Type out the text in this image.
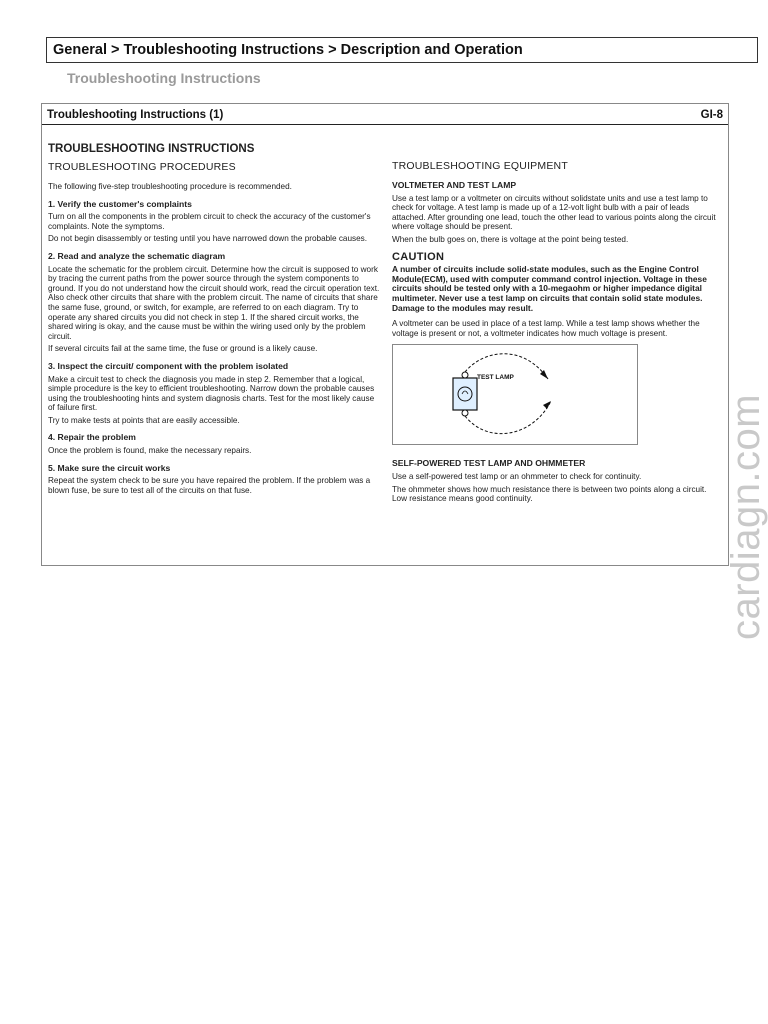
General > Troubleshooting Instructions > Description and Operation
Troubleshooting Instructions
Troubleshooting Instructions (1)	GI-8
TROUBLESHOOTING INSTRUCTIONS
TROUBLESHOOTING PROCEDURES
The following five-step troubleshooting procedure is recommended.
1. Verify the customer's complaints
Turn on all the components in the problem circuit to check the accuracy of the customer's complaints. Note the symptoms.
Do not begin disassembly or testing until you have narrowed down the probable causes.
2. Read and analyze the schematic diagram
Locate the schematic for the problem circuit. Determine how the circuit is supposed to work by tracing the current paths from the power source through the system components to ground. If you do not understand how the circuit should work, read the circuit operation text. Also check other circuits that share with the problem circuit. The name of circuits that share the same fuse, ground, or switch, for example, are referred to on each diagram. Try to operate any shared circuits you did not check in step 1. If the shared circuit works, the shared wiring is okay, and the cause must be within the wiring used only by the problem circuit.
If several circuits fail at the same time, the fuse or ground is a likely cause.
3. Inspect the circuit/ component with the problem isolated
Make a circuit test to check the diagnosis you made in step 2. Remember that a logical, simple procedure is the key to efficient troubleshooting. Narrow down the probable causes using the troubleshooting hints and system diagnosis charts. Test for the most likely cause of failure first.
Try to make tests at points that are easily accessible.
4. Repair the problem
Once the problem is found, make the necessary repairs.
5. Make sure the circuit works
Repeat the system check to be sure you have repaired the problem. If the problem was a blown fuse, be sure to test all of the circuits on that fuse.
TROUBLESHOOTING EQUIPMENT
VOLTMETER AND TEST LAMP
Use a test lamp or a voltmeter on circuits without solidstate units and use a test lamp to check for voltage. A test lamp is made up of a 12-volt light bulb with a pair of leads attached. After grounding one lead, touch the other lead to various points along the circuit where voltage should be present.
When the bulb goes on, there is voltage at the point being tested.
CAUTION
A number of circuits include solid-state modules, such as the Engine Control Module(ECM), used with computer command control injection. Voltage in these circuits should be tested only with a 10-megaohm or higher impedance digital multimeter. Never use a test lamp on circuits that contain solid state modules. Damage to the modules may result.
A voltmeter can be used in place of a test lamp. While a test lamp shows whether the voltage is present or not, a voltmeter indicates how much voltage is present.
TEST LAMP
SELF-POWERED TEST LAMP AND OHMMETER
Use a self-powered test lamp or an ohmmeter to check for continuity.
The ohmmeter shows how much resistance there is between two points along a circuit. Low resistance means good continuity.	cardiagn.com
